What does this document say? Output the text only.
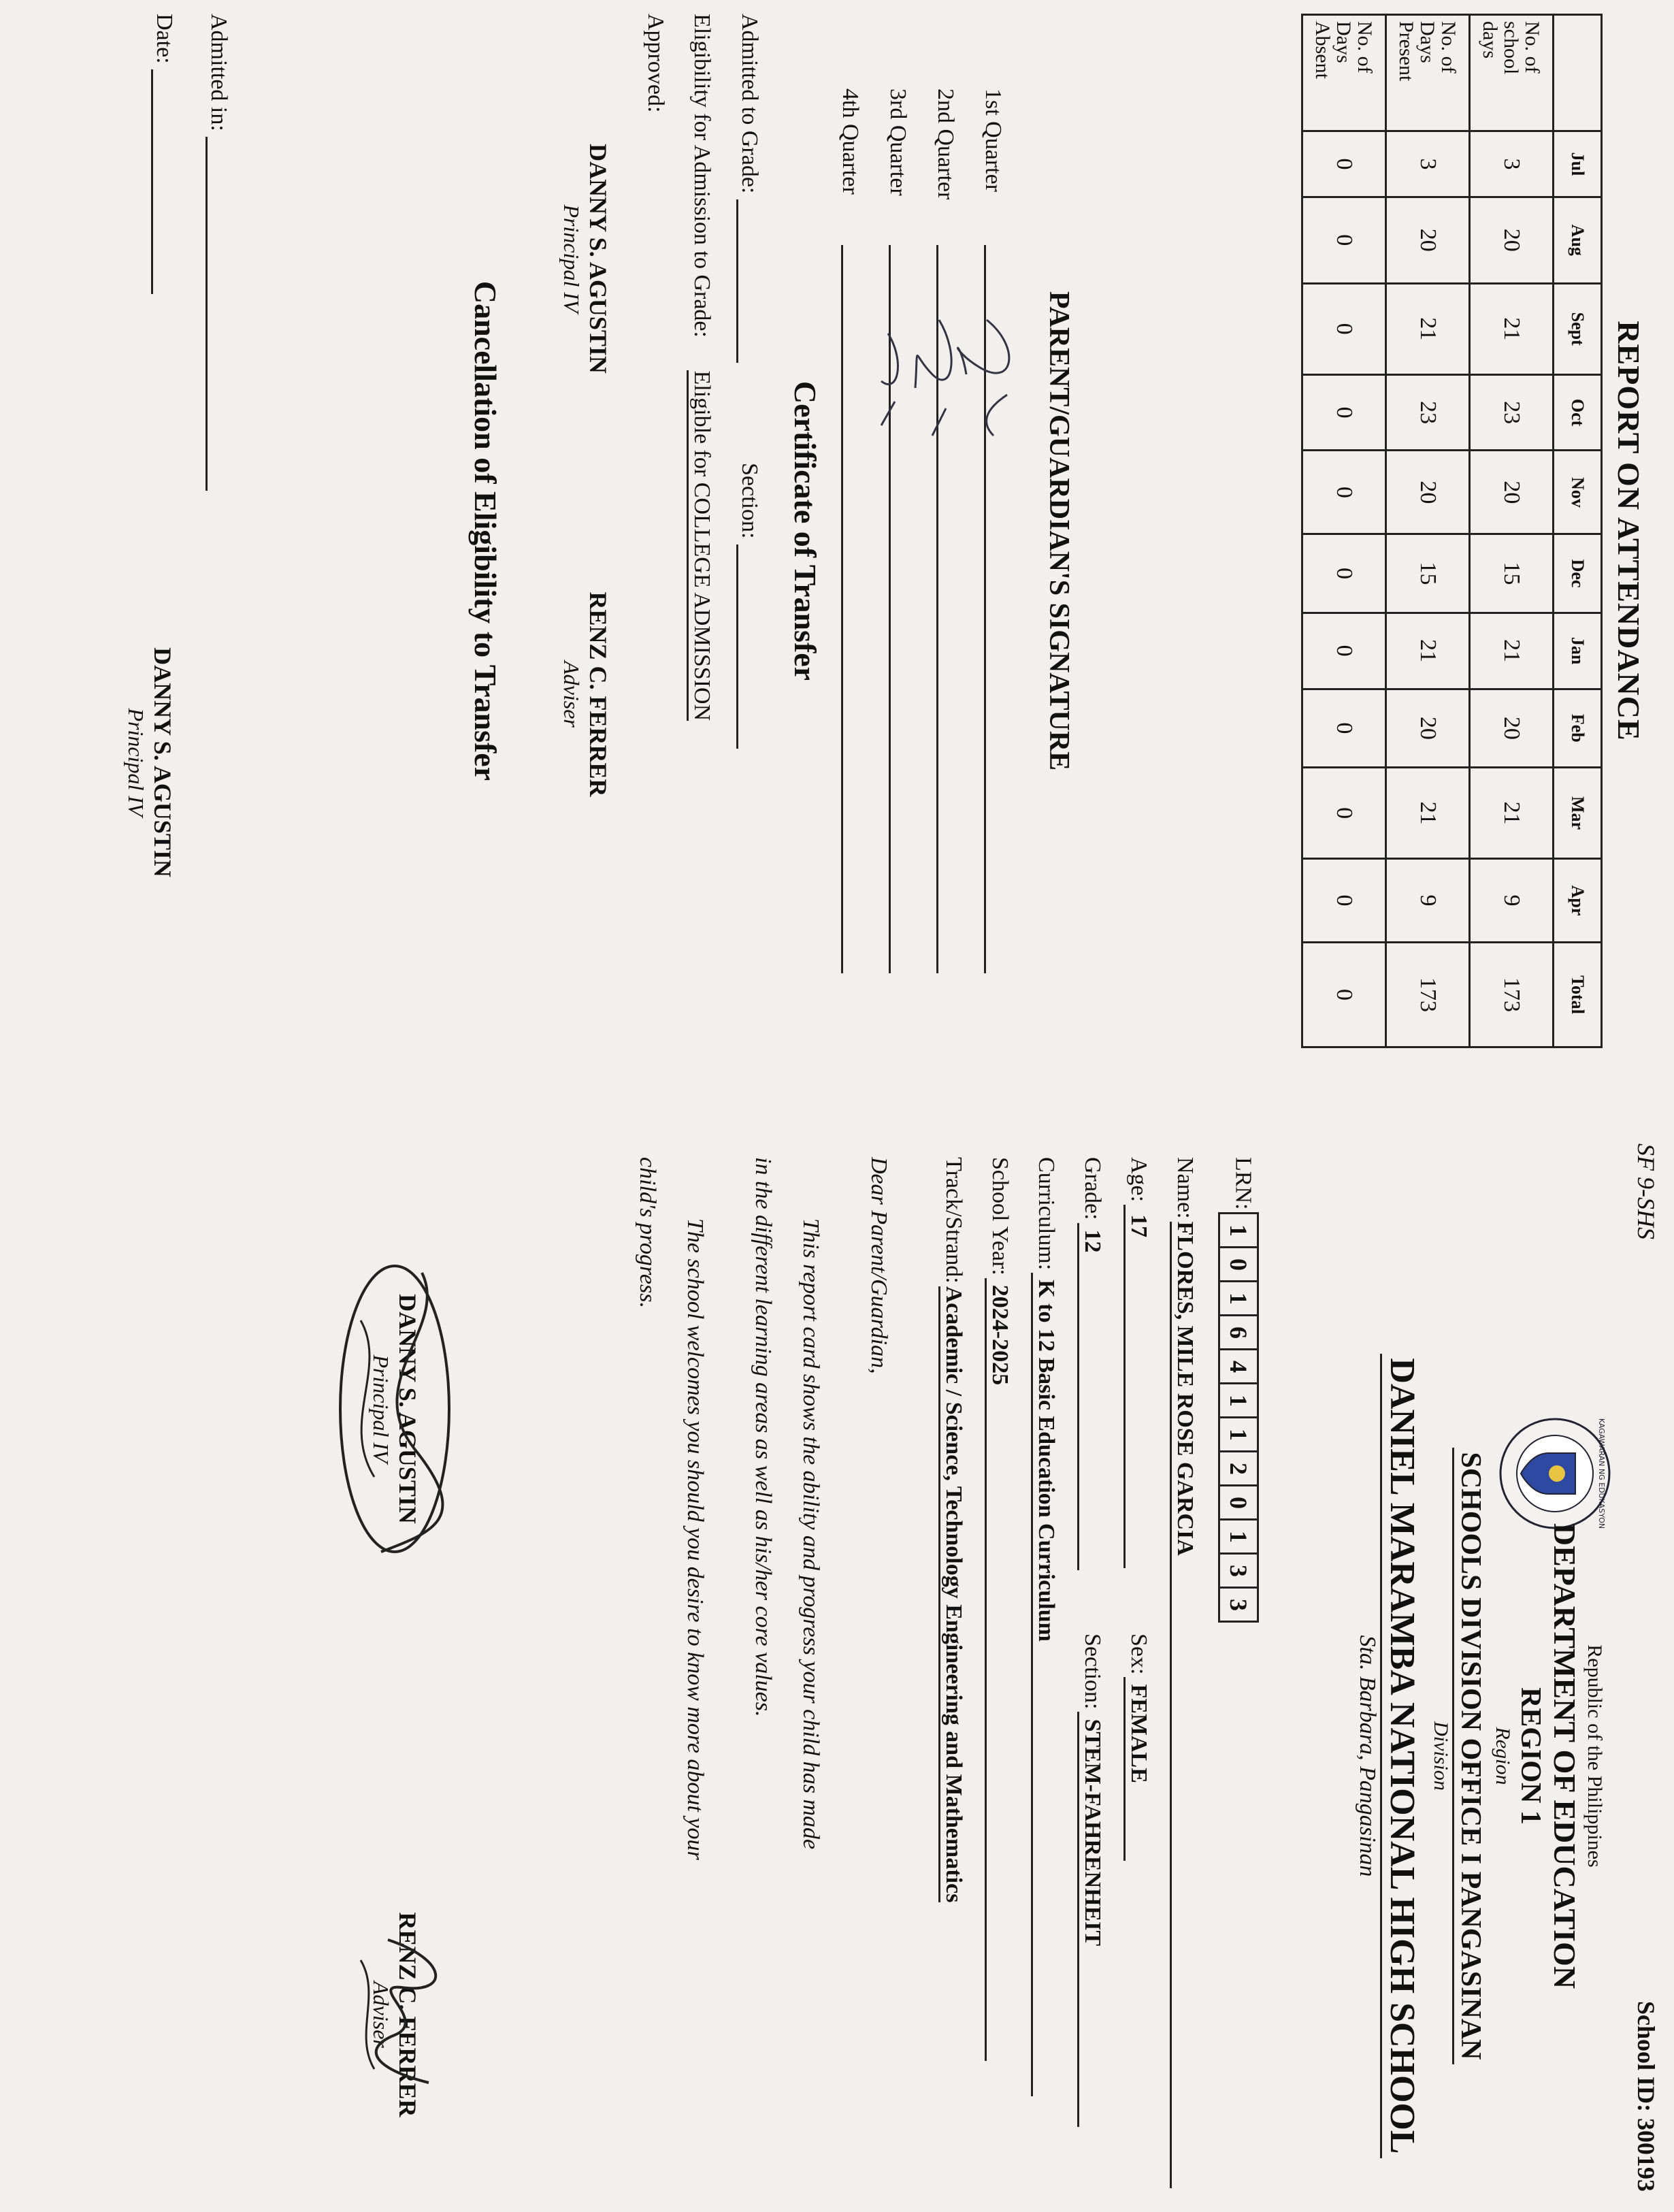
REPORT ON ATTENDANCE
	Jul	Aug	Sept	Oct	Nov	Dec	Jan	Feb	Mar	Apr	Total
No. of
school
days	3	20	21	23	20	15	21	20	21	9	173
No. of
Days
Present	3	20	21	23	20	15	21	20	21	9	173
No. of
Days
Absent	0	0	0	0	0	0	0	0	0	0	0
PARENT/GUARDIAN'S SIGNATURE
1st Quarter
2nd Quarter
3rd Quarter
4th Quarter
Certificate of Transfer
Admitted to Grade:
Section:
Eligibility for Admission to Grade: Eligible for COLLEGE ADMISSION
Approved:
DANNY S. AGUSTIN
Principal IV
RENZ C. FERRER
Adviser
Cancellation of Eligibility to Transfer
Admitted in:
Date:
DANNY S. AGUSTIN
Principal IV
SF 9-SHS
School ID: 300193
KAGAWARAN NG EDUKASYON
Republic of the Philippines
DEPARTMENT OF EDUCATION
REGION 1
Region
SCHOOLS DIVISION OFFICE I PANGASINAN
Division
DANIEL MARAMBA NATIONAL HIGH SCHOOL
Sta. Barbara, Pangasinan
LRN:
1
0
1
6
4
1
1
2
0
1
3
3
Name: FLORES, MILE ROSE GARCIA
Age: 17
Sex: FEMALE
Grade: 12
Section: STEM-FAHRENHEIT
Curriculum: K to 12 Basic Education Curriculum
School Year: 2024-2025
Track/Strand: Academic / Science, Technology Engineering and Mathematics
Dear Parent/Guardian,
This report card shows the ability and progress your child has made
in the different learning areas as well as his/her core values.
The school welcomes you should you desire to know more about your
child's progress.
DANNY S. AGUSTIN
Principal IV
RENZ C. FERRER
Adviser
